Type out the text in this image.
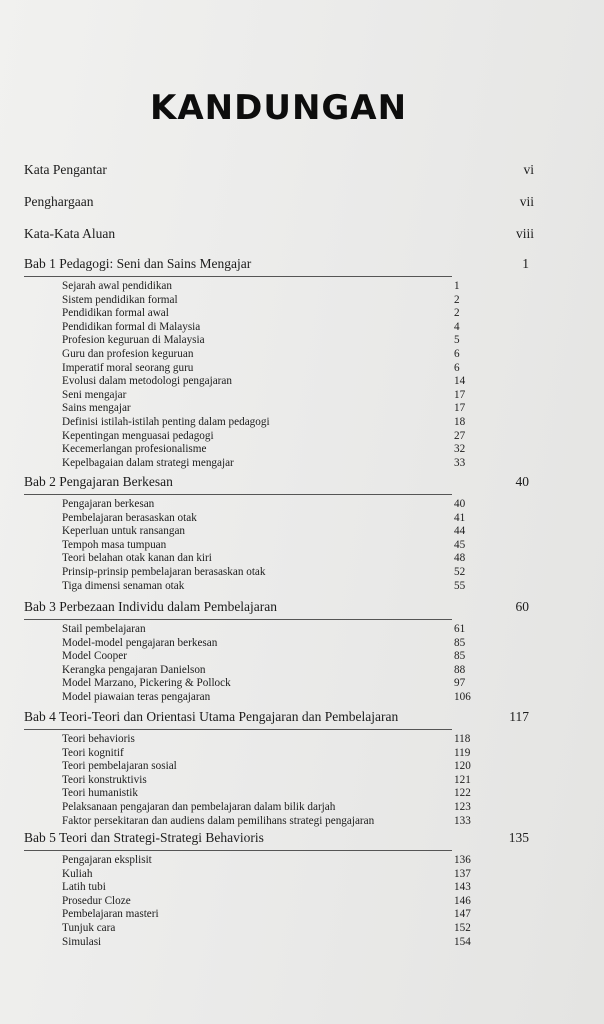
KANDUNGAN
Kata Pengantar	vi
Penghargaan	vii
Kata-Kata Aluan	viii
Bab 1 Pedagogi: Seni dan Sains Mengajar	1
Sejarah awal pendidikan	1
Sistem pendidikan formal	2
Pendidikan formal awal	2
Pendidikan formal di Malaysia	4
Profesion keguruan di Malaysia	5
Guru dan profesion keguruan	6
Imperatif moral seorang guru	6
Evolusi dalam metodologi pengajaran	14
Seni mengajar	17
Sains mengajar	17
Definisi istilah-istilah penting dalam pedagogi	18
Kepentingan menguasai pedagogi	27
Kecemerlangan profesionalisme	32
Kepelbagaian dalam strategi mengajar	33
Bab 2 Pengajaran Berkesan	40
Pengajaran berkesan	40
Pembelajaran berasaskan otak	41
Keperluan untuk ransangan	44
Tempoh masa tumpuan	45
Teori belahan otak kanan dan kiri	48
Prinsip-prinsip pembelajaran berasaskan otak	52
Tiga dimensi senaman otak	55
Bab 3 Perbezaan Individu dalam Pembelajaran	60
Stail pembelajaran	61
Model-model pengajaran berkesan	85
Model Cooper	85
Kerangka pengajaran Danielson	88
Model Marzano, Pickering & Pollock	97
Model piawaian teras pengajaran	106
Bab 4 Teori-Teori dan Orientasi Utama Pengajaran dan Pembelajaran	117
Teori behavioris	118
Teori kognitif	119
Teori pembelajaran sosial	120
Teori konstruktivis	121
Teori humanistik	122
Pelaksanaan pengajaran dan pembelajaran dalam bilik darjah	123
Faktor persekitaran dan audiens dalam pemilihans strategi pengajaran	133
Bab 5 Teori dan Strategi-Strategi Behavioris	135
Pengajaran eksplisit	136
Kuliah	137
Latih tubi	143
Prosedur Cloze	146
Pembelajaran masteri	147
Tunjuk cara	152
Simulasi	154
